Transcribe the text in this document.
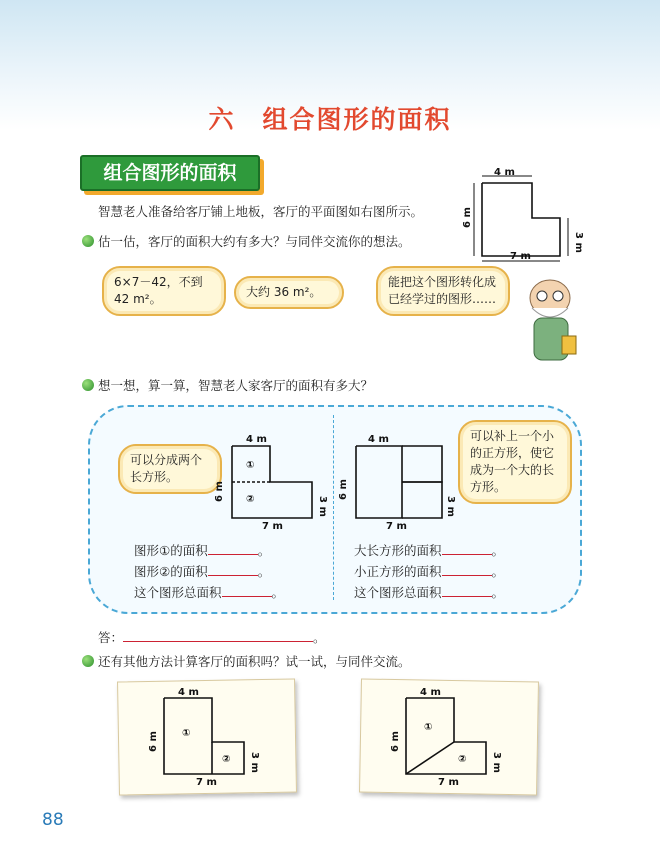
六　组合图形的面积
组合图形的面积	4 m
6 m
3 m
7 m
智慧老人准备给客厅铺上地板，客厅的平面图如右图所示。
估一估，客厅的面积大约有多大？与同伴交流你的想法。
6×7－42，不到 42 m²。	大约 36 m²。
能把这个图形转化成已经学过的图形……
想一想，算一算，智慧老人家客厅的面积有多大？
可以分成两个长方形。
可以补上一个小的正方形，使它成为一个大的长方形。
4 m
①
②
6 m
3 m
7 m
4 m
6 m
3 m
7 m
图形①的面积	。
图形②的面积	。
这个图形总面积	。
大长方形的面积	。
小正方形的面积	。
这个图形总面积	。
答：	。
还有其他方法计算客厅的面积吗？试一试，与同伴交流。
4 m
①
②
6 m
3 m
7 m
4 m
①
②
6 m
3 m
7 m
88
